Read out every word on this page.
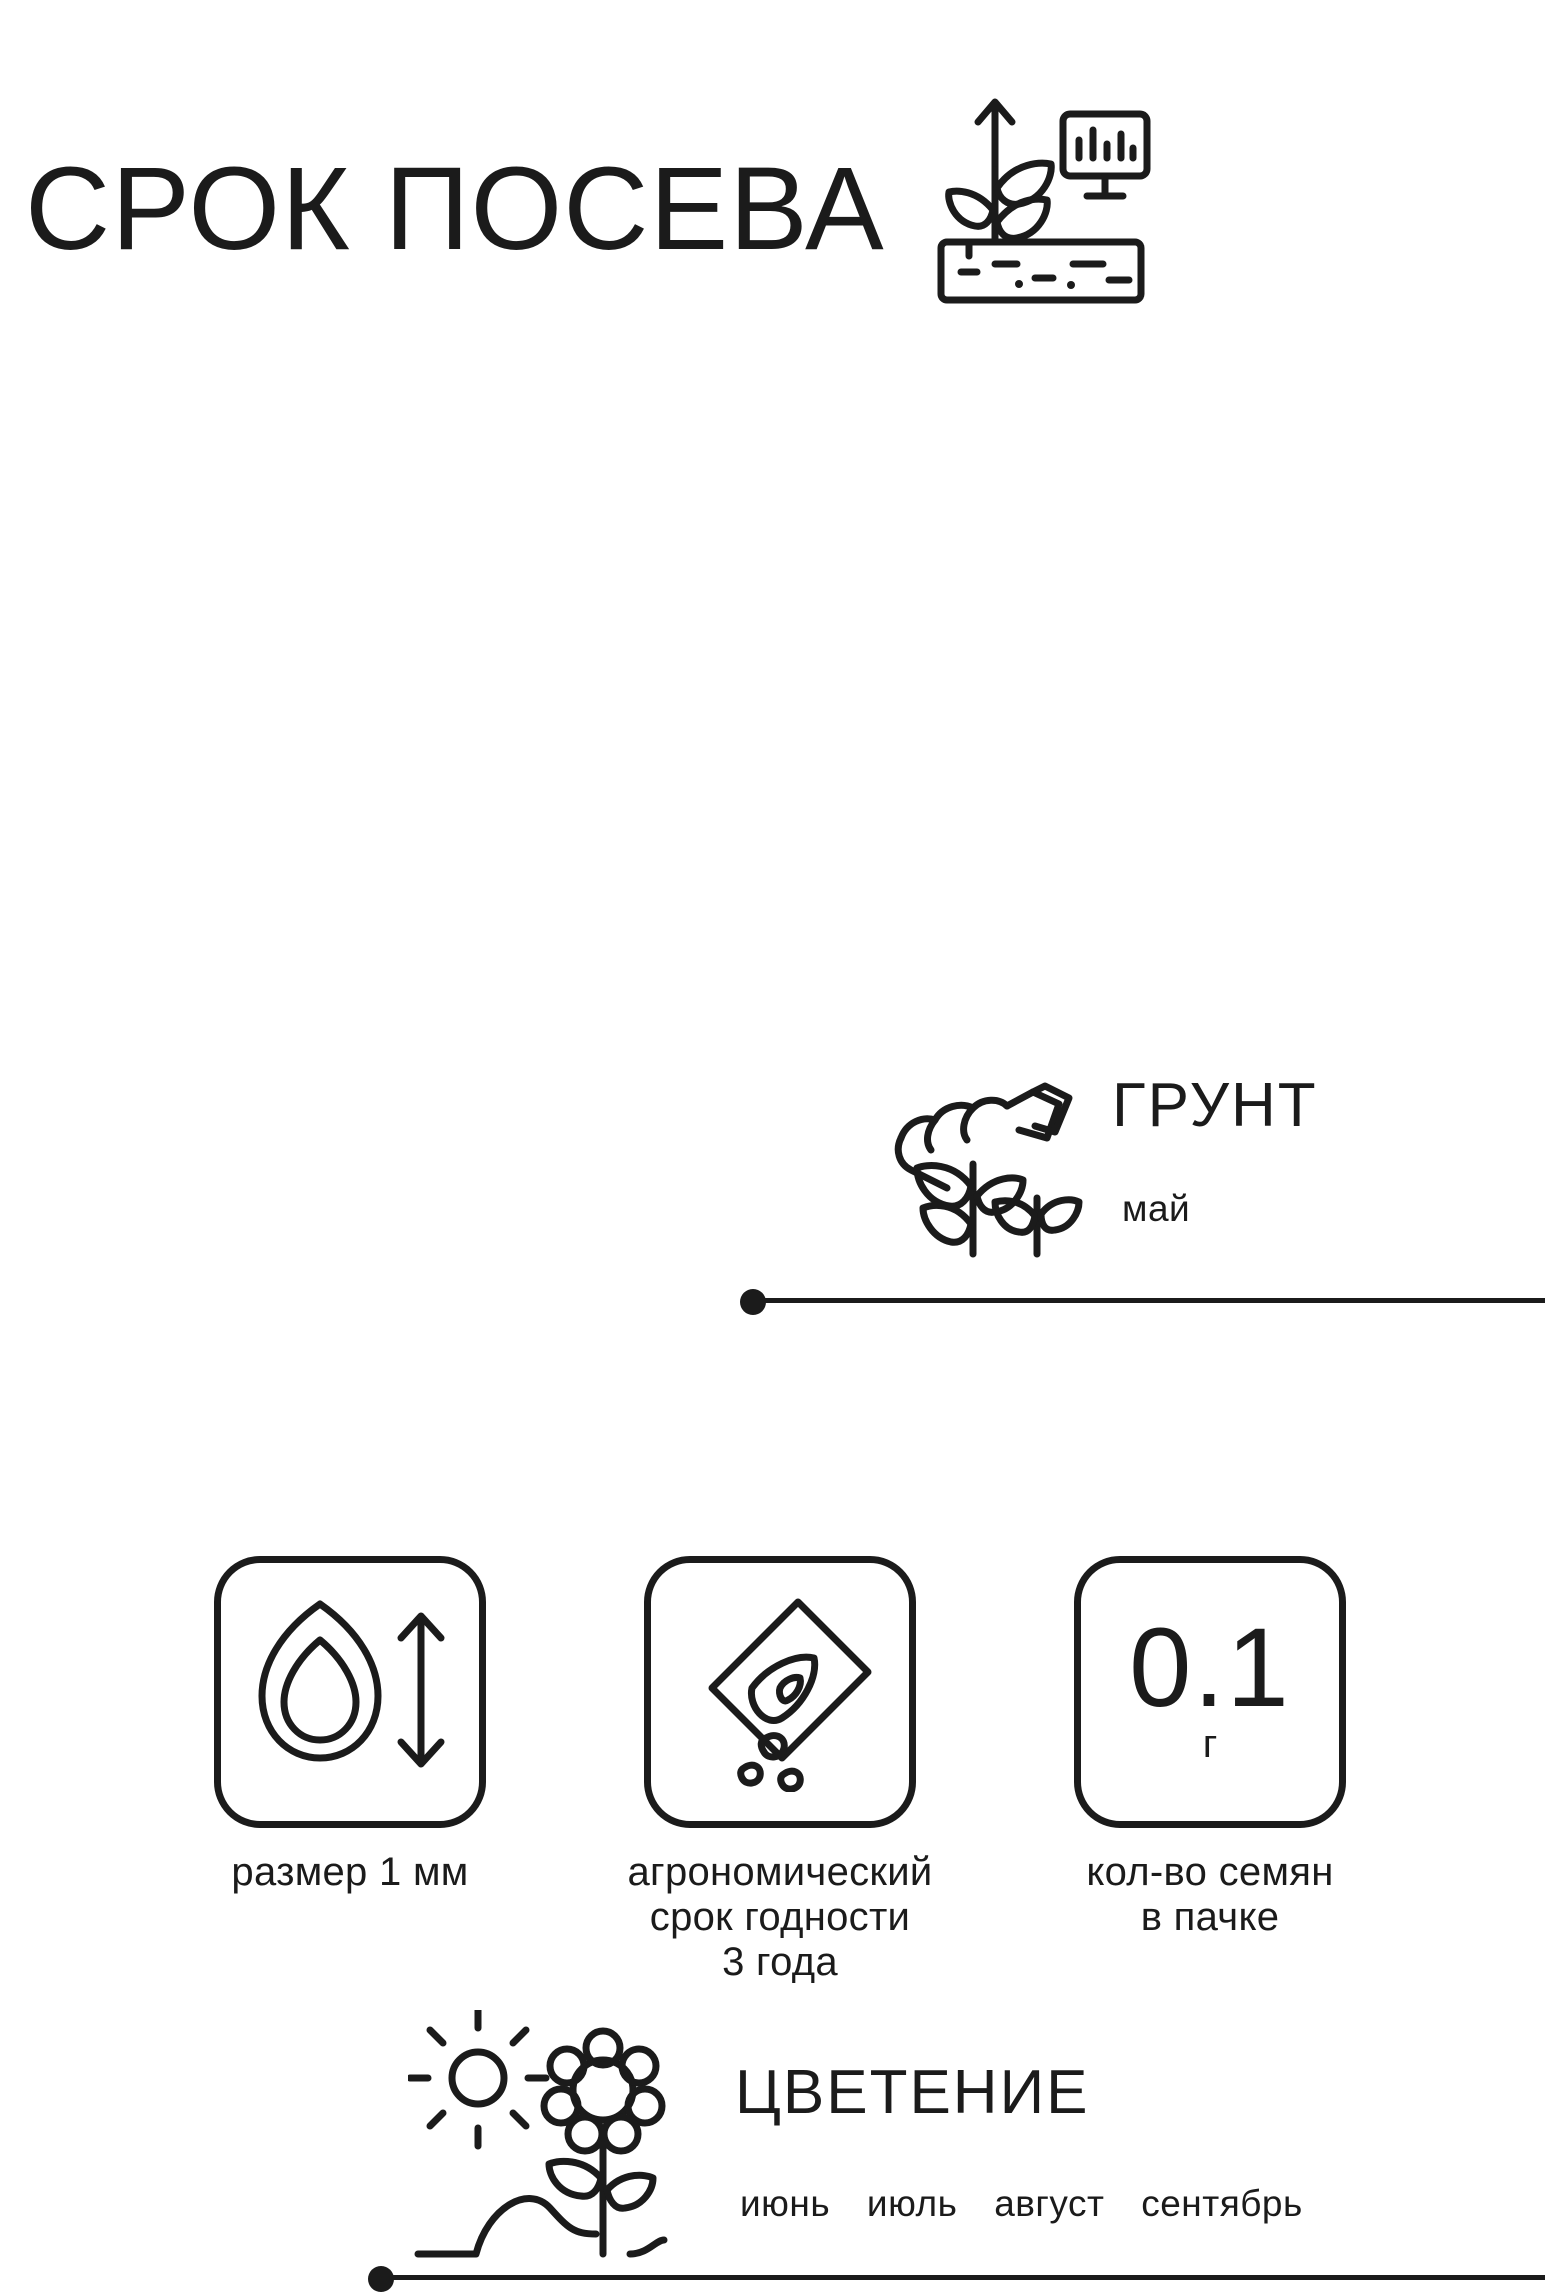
СРОК ПОСЕВА
ГРУНТ
май
ЦВЕТЕНИЕ
июнь июль август сентябрь
размер 1 мм	агрономический
срок годности
3 года
0.1
г
кол-во семян
в пачке
